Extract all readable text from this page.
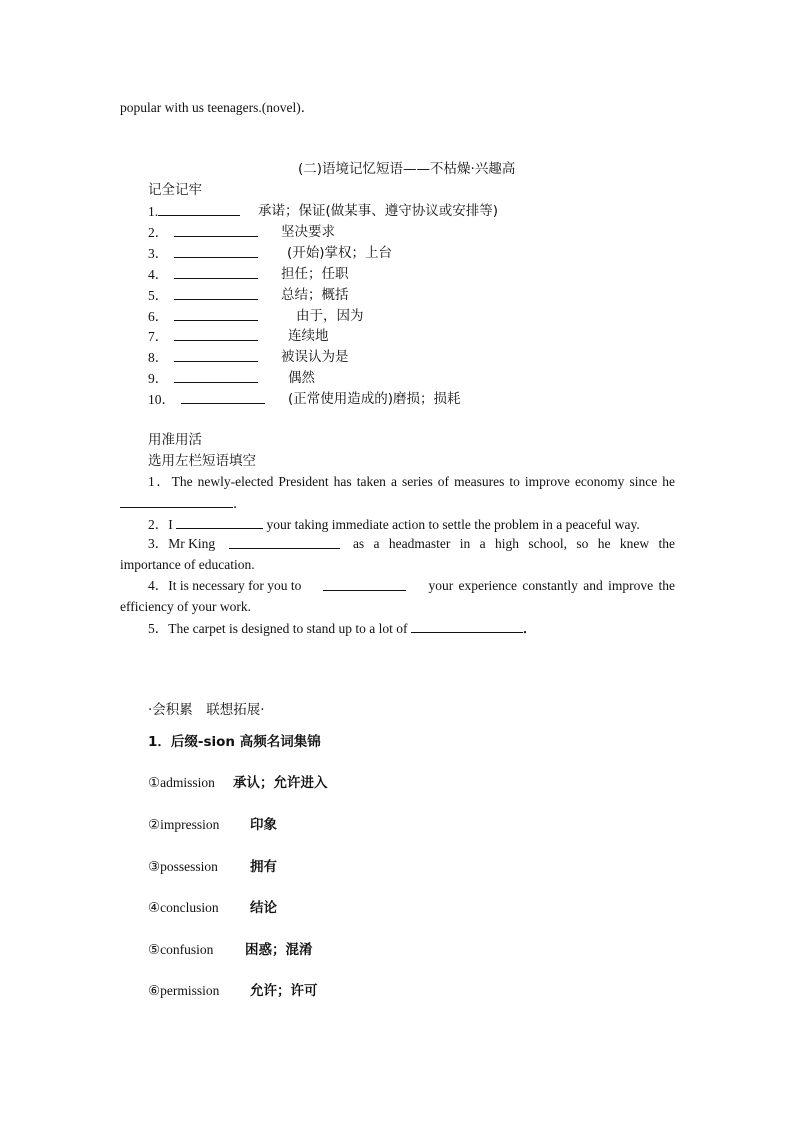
popular with us teenagers.(novel)．
(二)语境记忆短语——不枯燥·兴趣高
记全记牢
1.	承诺；保证(做某事、遵守协议或安排等)
2．	坚决要求
3．	(开始)掌权；上台
4．	担任；任职
5．	总结；概括
6．	由于，因为
7．	连续地
8．	被误认为是
9．	偶然
10．	(正常使用造成的)磨损；损耗
用准用活
选用左栏短语填空
1．The newly-elected President has taken a series of measures to improve economy since he
．
2．I	your taking immediate action to settle the problem in a peaceful way.
3．Mr King	as a headmaster in a high school, so he knew the
importance of education.
4．It is necessary for you to	your experience constantly and improve the
efficiency of your work.
5．The carpet is designed to stand up to a lot of	．
·会积累　联想拓展·
1．后缀-sion 高频名词集锦
①admission 承认；允许进入
②impression 印象
③possession 拥有
④conclusion 结论
⑤confusion 困惑；混淆
⑥permission 允许；许可
